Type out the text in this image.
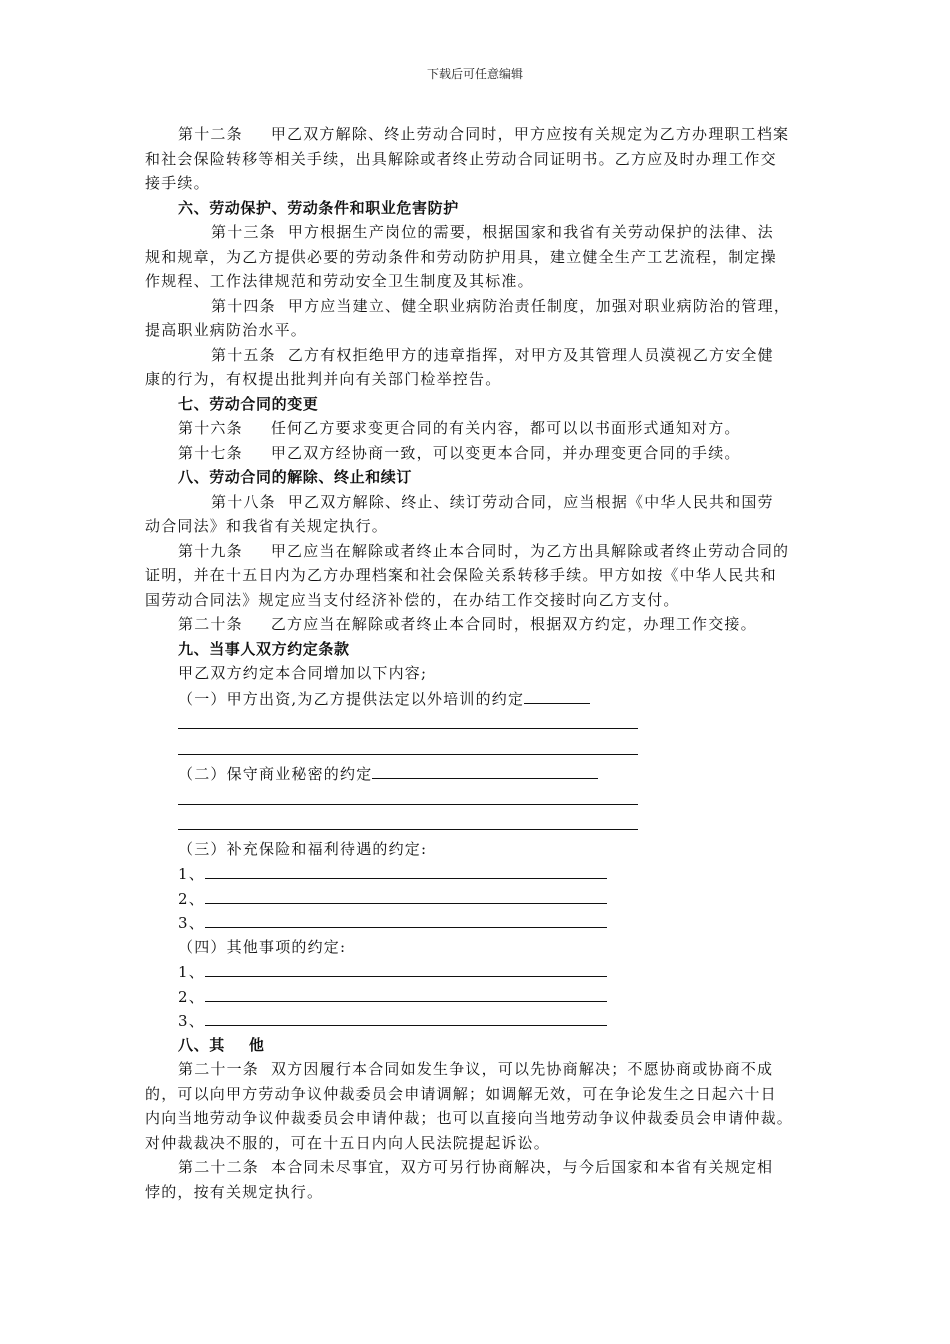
下载后可任意编辑
第十二条 甲乙双方解除、终止劳动合同时，甲方应按有关规定为乙方办理职工档案
和社会保险转移等相关手续，出具解除或者终止劳动合同证明书。乙方应及时办理工作交
接手续。
六、劳动保护、劳动条件和职业危害防护
第十三条 甲方根据生产岗位的需要，根据国家和我省有关劳动保护的法律、法
规和规章，为乙方提供必要的劳动条件和劳动防护用具，建立健全生产工艺流程，制定操
作规程、工作法律规范和劳动安全卫生制度及其标准。
第十四条 甲方应当建立、健全职业病防治责任制度，加强对职业病防治的管理，
提高职业病防治水平。
第十五条 乙方有权拒绝甲方的违章指挥，对甲方及其管理人员漠视乙方安全健
康的行为，有权提出批判并向有关部门检举控告。
七、劳动合同的变更
第十六条 任何乙方要求变更合同的有关内容，都可以以书面形式通知对方。
第十七条 甲乙双方经协商一致，可以变更本合同，并办理变更合同的手续。
八、劳动合同的解除、终止和续订
第十八条 甲乙双方解除、终止、续订劳动合同，应当根据《中华人民共和国劳
动合同法》和我省有关规定执行。
第十九条 甲乙应当在解除或者终止本合同时，为乙方出具解除或者终止劳动合同的
证明，并在十五日内为乙方办理档案和社会保险关系转移手续。甲方如按《中华人民共和
国劳动合同法》规定应当支付经济补偿的，在办结工作交接时向乙方支付。
第二十条 乙方应当在解除或者终止本合同时，根据双方约定，办理工作交接。
九、当事人双方约定条款
甲乙双方约定本合同增加以下内容;
（一）甲方出资,为乙方提供法定以外培训的约定
（二）保守商业秘密的约定
（三）补充保险和福利待遇的约定:
1、
2、
3、
（四）其他事项的约定:
1、
2、
3、
八、其 他
第二十一条 双方因履行本合同如发生争议，可以先协商解决；不愿协商或协商不成
的，可以向甲方劳动争议仲裁委员会申请调解；如调解无效，可在争论发生之日起六十日
内向当地劳动争议仲裁委员会申请仲裁；也可以直接向当地劳动争议仲裁委员会申请仲裁。
对仲裁裁决不服的，可在十五日内向人民法院提起诉讼。
第二十二条 本合同未尽事宜，双方可另行协商解决，与今后国家和本省有关规定相
悖的，按有关规定执行。
